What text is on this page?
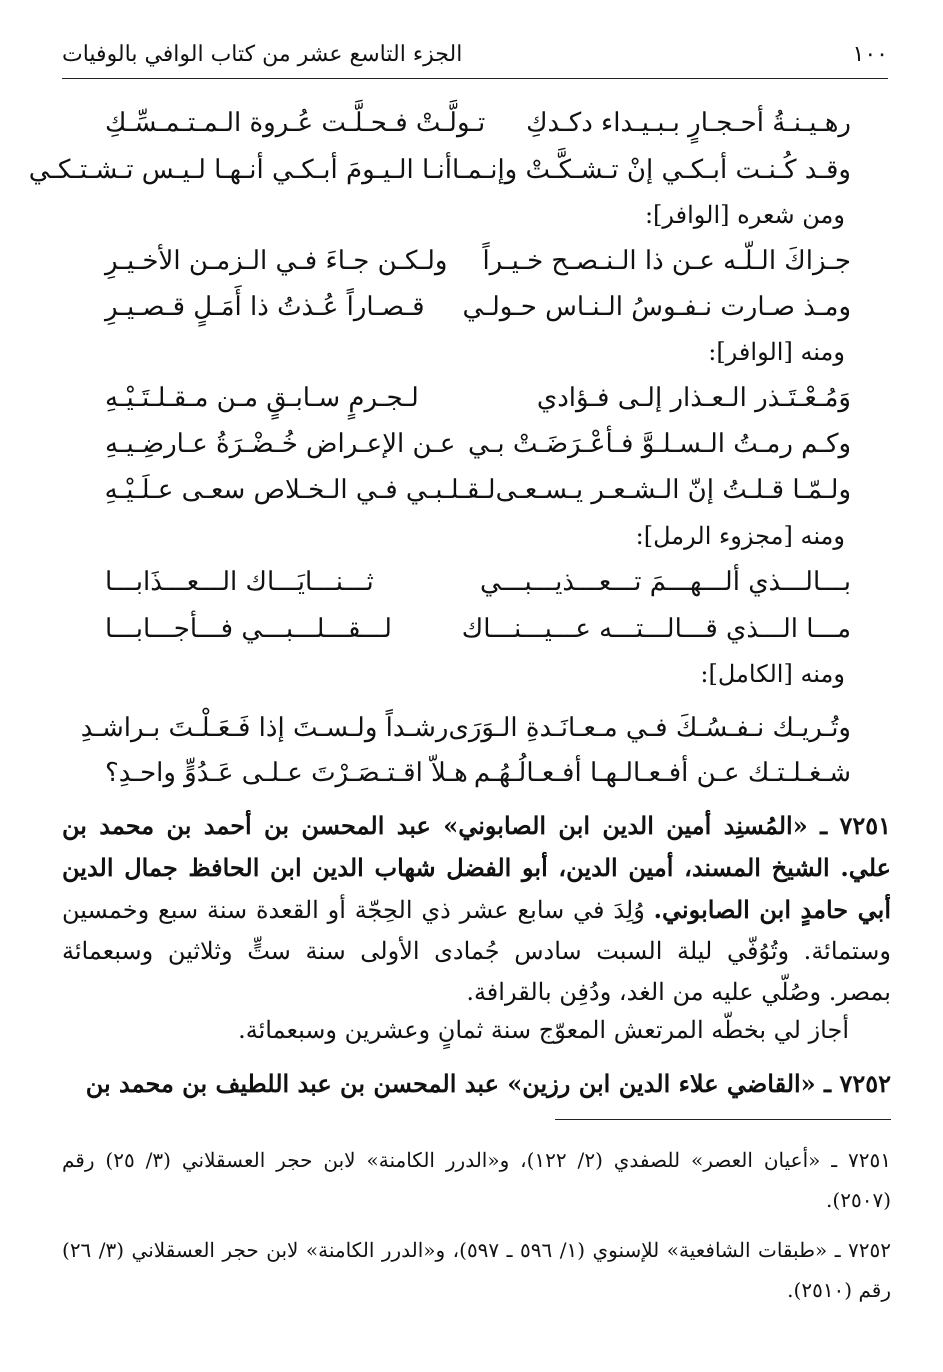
١٠٠
الجزء التاسع عشر من كتاب الوافي بالوفيات
رهـيـنـةُ أحـجـارٍ بـبـيـداء دكـدكِ
تـولَّـتْ فـحـلَّـت عُـروة الـمـتـمـسِّـكِ
وقـد كُـنـت أبـكـي إنْ تـشـكَّـتْ وإنـمـا
أنـا الـيـومَ أبـكـي أنـهـا لـيـس تـشـتـكـي
ومن شعره [الوافر]:
جـزاكَ الـلّـه عـن ذا الـنـصـح خـيـراً
ولـكـن جـاءَ فـي الـزمـن الأخـيـرِ
ومـذ صـارت نـفـوسُ الـنـاس حـولـي
قـصـاراً عُـذتُ ذا أَمَـلٍ قـصـيـرِ
ومنه [الوافر]:
وَمُـعْـتَـذر الـعـذار إلـى فـؤادي
لـجـرمٍ سـابـقٍ مـن مـقـلـتَـيْـهِ
وكـم رمـتُ الـسـلـوَّ فـأعْـرَضَـتْ بـي
عـن الإعـراض خُـضْـرَةُ عـارضِـيـهِ
ولـمّـا قـلـتُ إنّ الـشـعـر يـسـعـى
لـقـلـبـي فـي الـخـلاص سعـى عـلَـيْـهِ
ومنه [مجزوء الرمل]:
بـــالـــذي ألـــهـــمَ تـــعـــذيـــبـــي
ثـــنـــايَـــاك الـــعـــذَابـــا
مـــا الـــذي قـــالـــتـــه عـــيـــنـــاك
لـــقـــلـــبـــي فـــأجـــابـــا
ومنه [الكامل]:
وتُـريـك نـفـسُـكَ فـي مـعـانَـدةِ الـوَرَى
رشـداً ولـسـتَ إذا فَـعَـلْـتَ بـراشـدِ
شـغـلـتـك عـن أفـعـالـهـا أفـعـالُـهُـم
هـلاّ اقـتـصَـرْتَ عـلـى عَـدُوٍّ واحـدِ؟
٧٢٥١ ـ «المُسنِد أمين الدين ابن الصابوني» عبد المحسن بن أحمد بن محمد بن علي. الشيخ المسند، أمين الدين، أبو الفضل شهاب الدين ابن الحافظ جمال الدين أبي حامدٍ ابن الصابوني. وُلِدَ في سابع عشر ذي الحِجّة أو القعدة سنة سبع وخمسين وستمائة. وتُوُفّي ليلة السبت سادس جُمادى الأولى سنة ستٍّ وثلاثين وسبعمائة بمصر. وصُلّي عليه من الغد، ودُفِن بالقرافة.
أجاز لي بخطّه المرتعش المعوّج سنة ثمانٍ وعشرين وسبعمائة.
٧٢٥٢ ـ «القاضي علاء الدين ابن رزين» عبد المحسن بن عبد اللطيف بن محمد بن
٧٢٥١ ـ «أعيان العصر» للصفدي (٢/ ١٢٢)، و«الدرر الكامنة» لابن حجر العسقلاني (٣/ ٢٥) رقم (٢٥٠٧).
٧٢٥٢ ـ «طبقات الشافعية» للإسنوي (١/ ٥٩٦ ـ ٥٩٧)، و«الدرر الكامنة» لابن حجر العسقلاني (٣/ ٢٦) رقم (٢٥١٠).
